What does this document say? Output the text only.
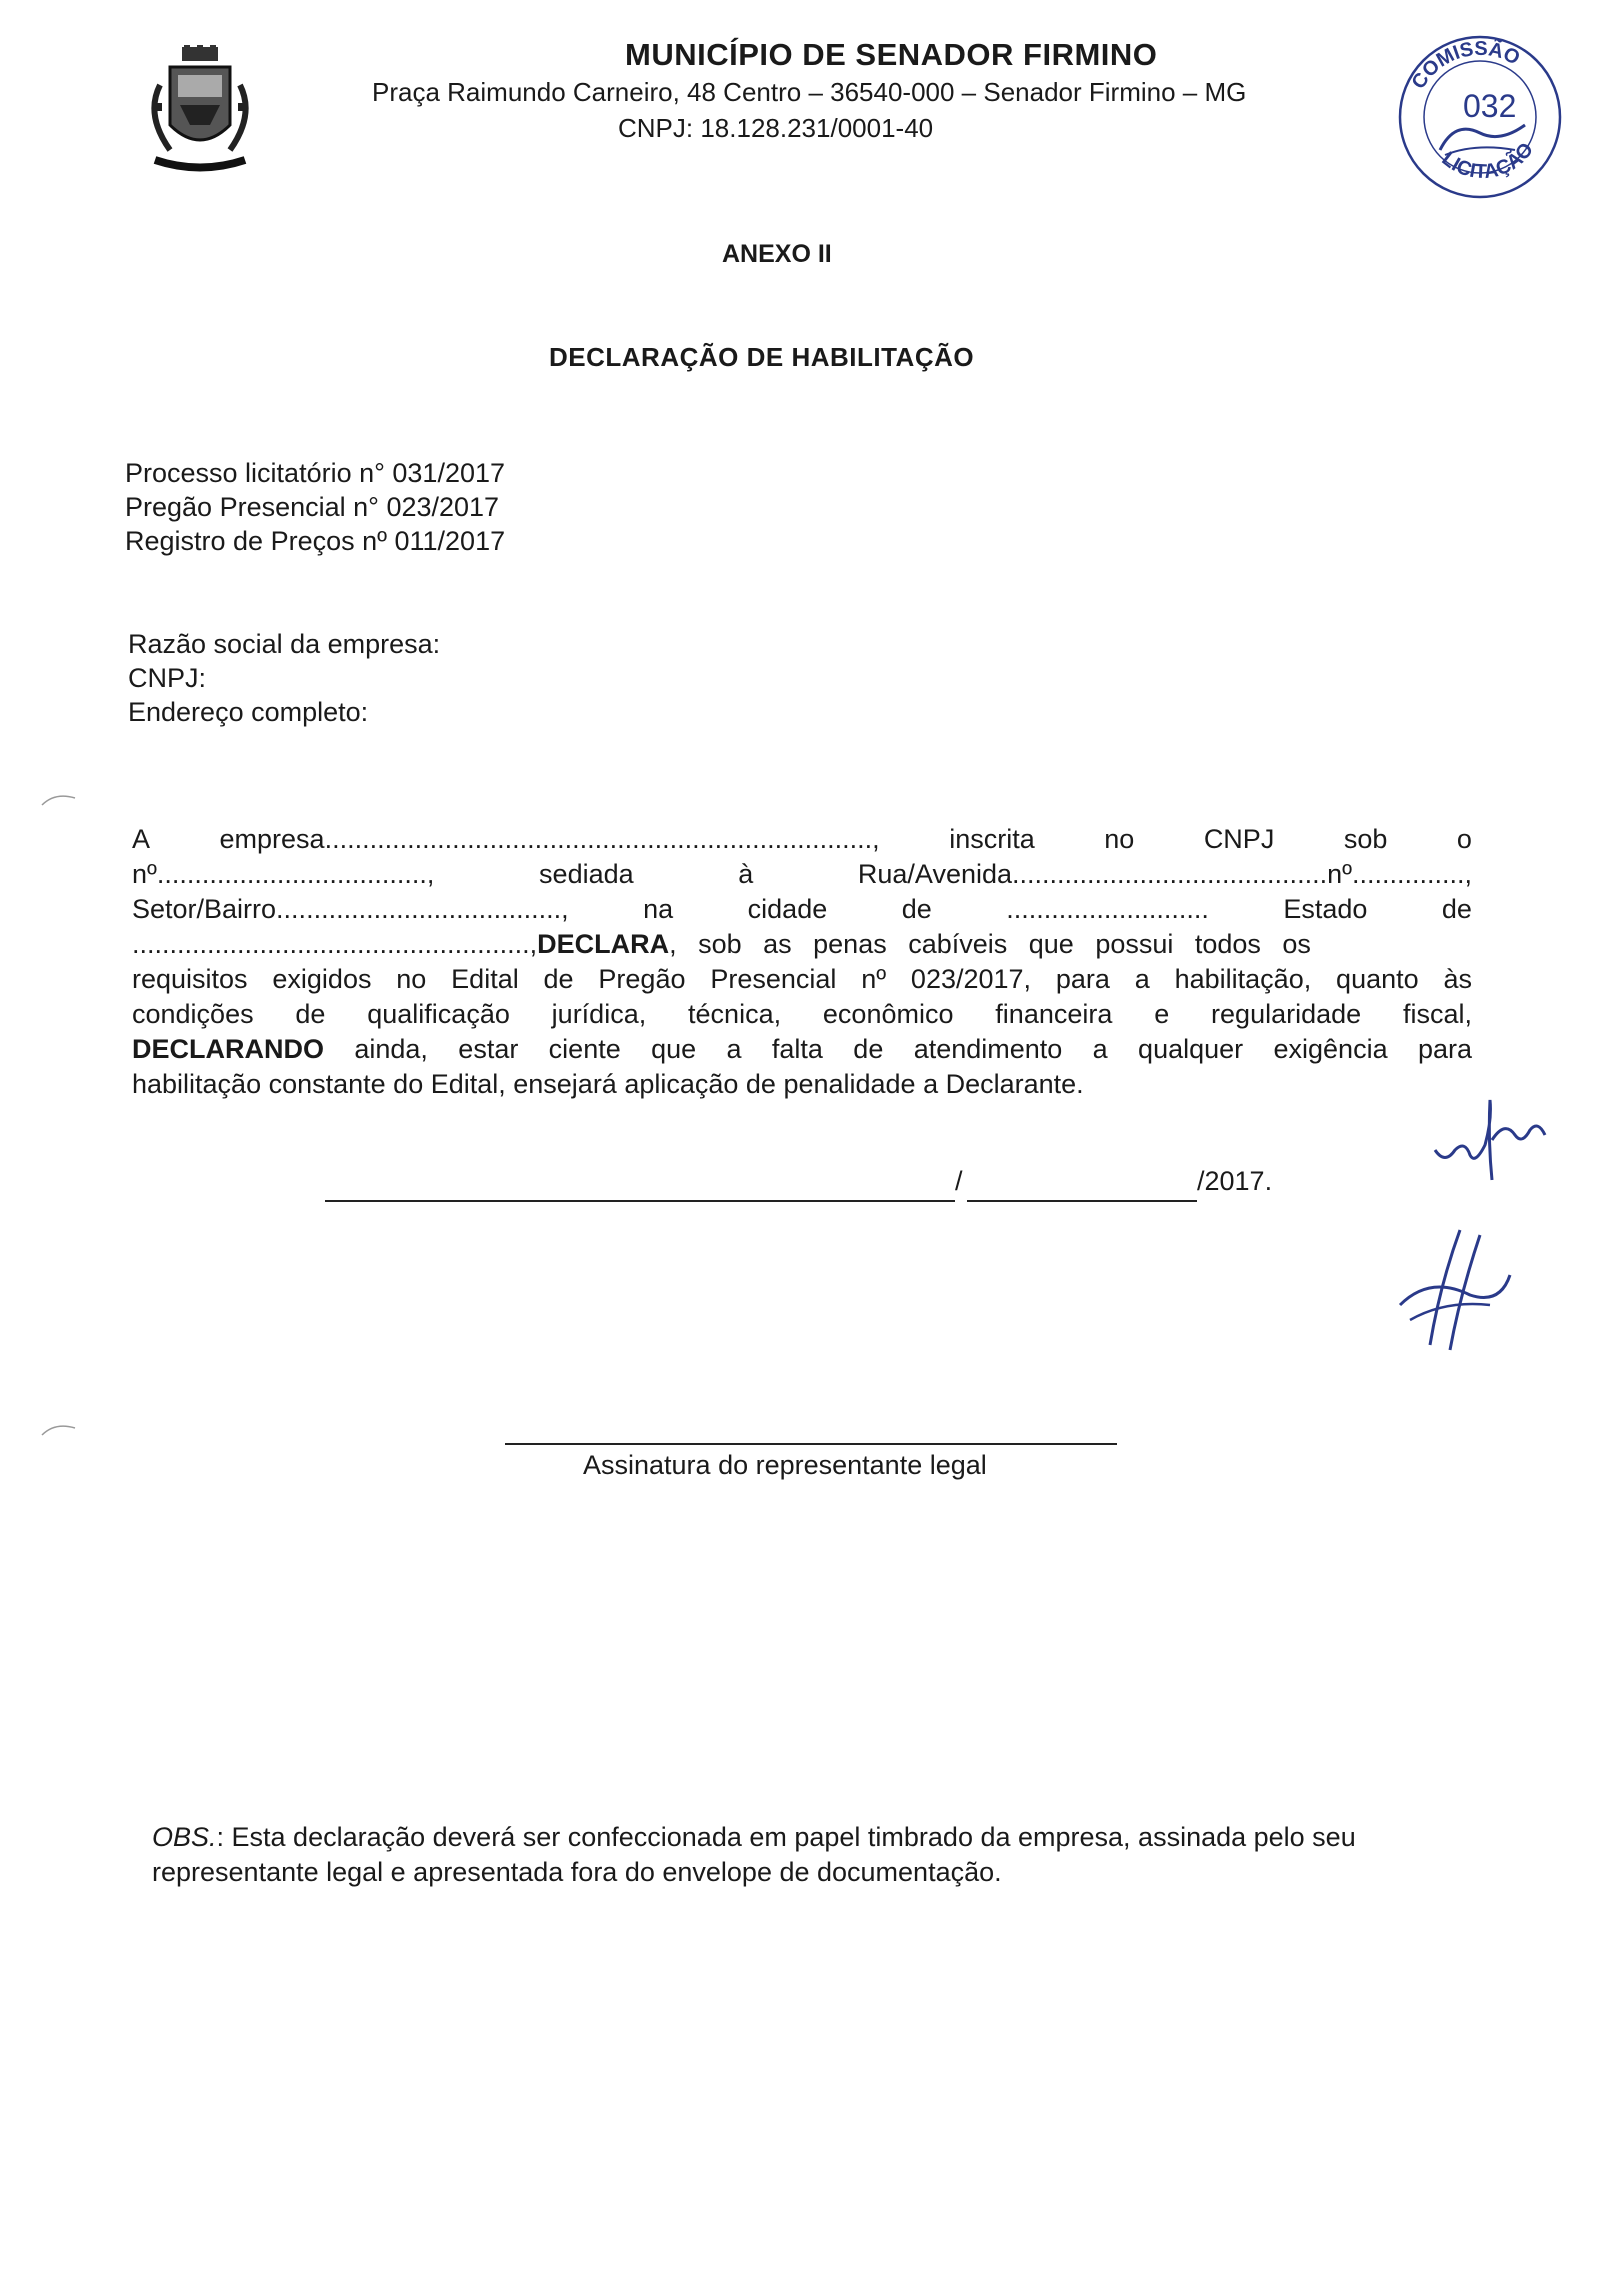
MUNICÍPIO DE SENADOR FIRMINO
Praça Raimundo Carneiro, 48 Centro – 36540-000 – Senador Firmino – MG
CNPJ: 18.128.231/0001-40
COMISSÃO
LICITAÇÃO
032
ANEXO II
DECLARAÇÃO DE HABILITAÇÃO
Processo licitatório n° 031/2017
Pregão Presencial n° 023/2017
Registro de Preços nº 011/2017
Razão social da empresa:
CNPJ:
Endereço completo:
A	empresa.........................................................................,	inscrita	no	CNPJ	sob	o
nº....................................,	sediada	à	Rua/Avenida..........................................nº...............,
Setor/Bairro......................................,	na	cidade	de	...........................	Estado	de
.....................................................,DECLARA, sob as penas cabíveis que possui todos os
requisitos exigidos no Edital de Pregão Presencial nº 023/2017, para a habilitação, quanto às
condições de qualificação jurídica, técnica, econômico financeira e regularidade fiscal,
DECLARANDO ainda, estar ciente que a falta de atendimento a qualquer exigência para
habilitação constante do Edital, ensejará aplicação de penalidade a Declarante.
/	/2017.
Assinatura do representante legal
OBS.: Esta declaração deverá ser confeccionada em papel timbrado da empresa, assinada pelo seu representante legal e apresentada fora do envelope de documentação.
